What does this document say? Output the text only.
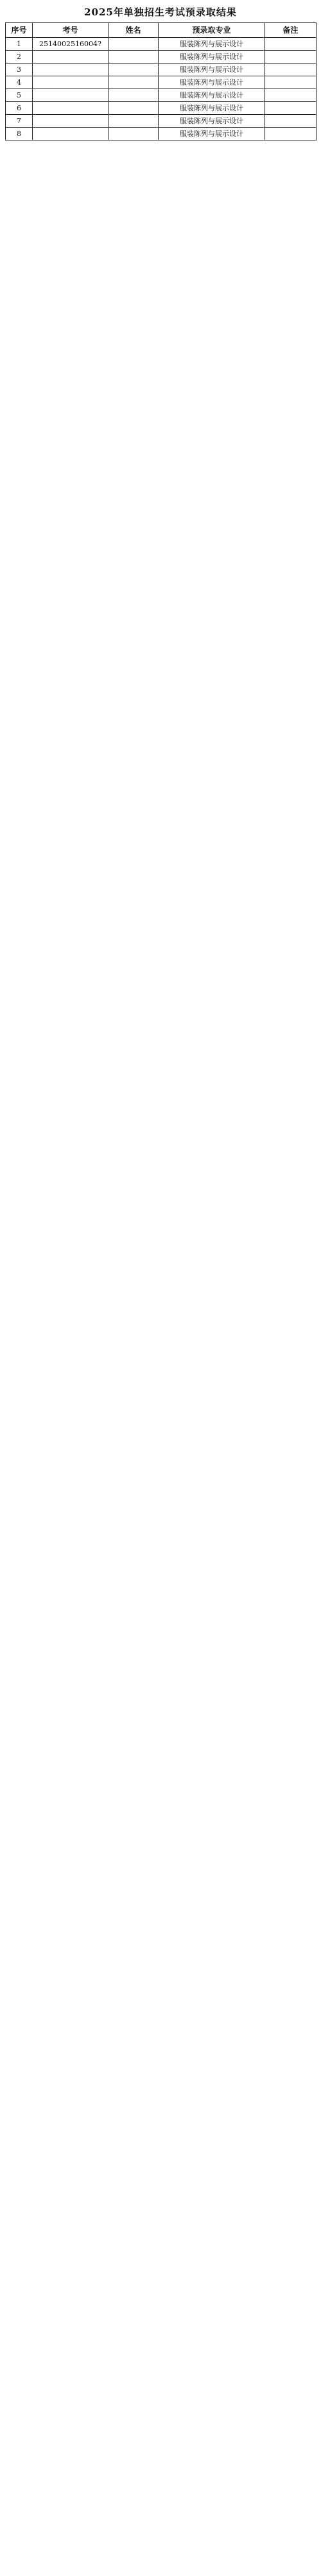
2025年单独招生考试预录取结果
序号	考号	姓名	预录取专业	备注
1	2514002516004?		服装陈列与展示设计	
2			服装陈列与展示设计	
3			服装陈列与展示设计	
4			服装陈列与展示设计	
5			服装陈列与展示设计	
6			服装陈列与展示设计	
7			服装陈列与展示设计	
8			服装陈列与展示设计	
